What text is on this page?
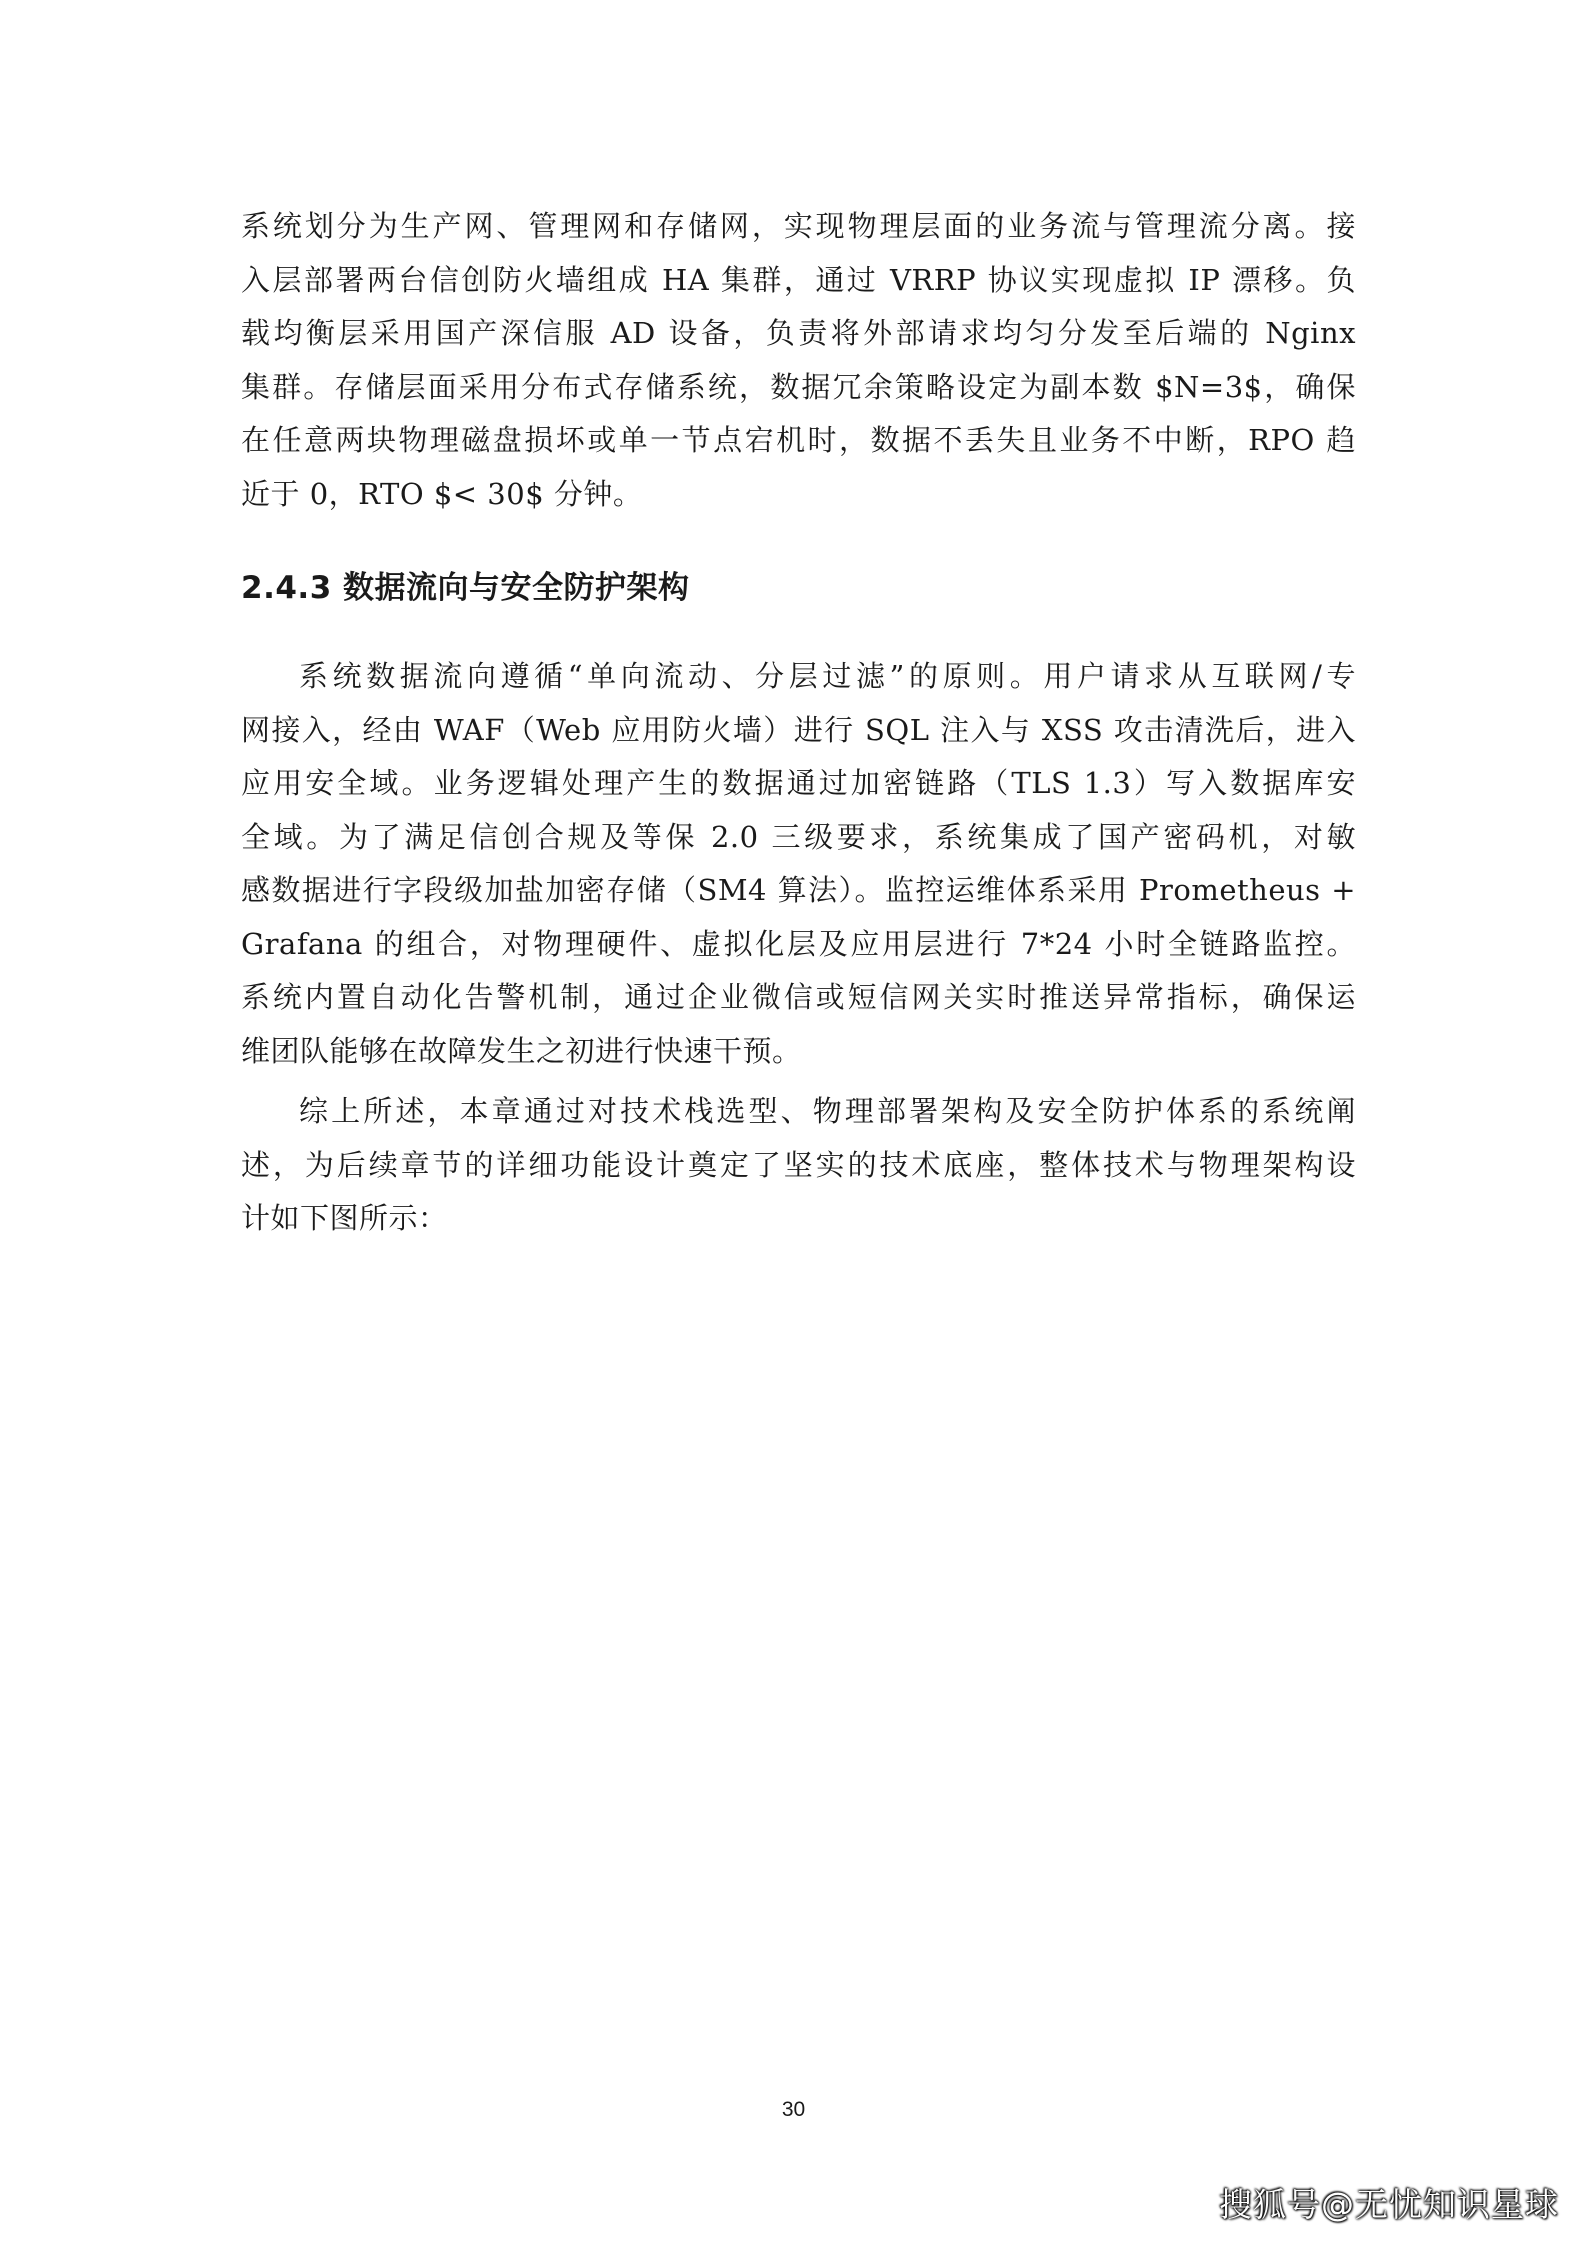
系统划分为生产网、管理网和存储网，实现物理层面的业务流与管理流分离。接
入层部署两台信创防火墙组成 HA 集群，通过 VRRP 协议实现虚拟 IP 漂移。负
载均衡层采用国产深信服 AD 设备，负责将外部请求均匀分发至后端的 Nginx
集群。存储层面采用分布式存储系统，数据冗余策略设定为副本数 $N=3$，确保
在任意两块物理磁盘损坏或单一节点宕机时，数据不丢失且业务不中断，RPO 趋
近于 0，RTO $< 30$ 分钟。
2.4.3 数据流向与安全防护架构
系统数据流向遵循“单向流动、分层过滤”的原则。用户请求从互联网/专
网接入，经由 WAF（Web 应用防火墙）进行 SQL 注入与 XSS 攻击清洗后，进入
应用安全域。业务逻辑处理产生的数据通过加密链路（TLS 1.3）写入数据库安
全域。为了满足信创合规及等保 2.0 三级要求，系统集成了国产密码机，对敏
感数据进行字段级加盐加密存储（SM4 算法）。监控运维体系采用 Prometheus +
Grafana 的组合，对物理硬件、虚拟化层及应用层进行 7*24 小时全链路监控。
系统内置自动化告警机制，通过企业微信或短信网关实时推送异常指标，确保运
维团队能够在故障发生之初进行快速干预。
综上所述，本章通过对技术栈选型、物理部署架构及安全防护体系的系统阐
述，为后续章节的详细功能设计奠定了坚实的技术底座，整体技术与物理架构设
计如下图所示：
30
搜狐号@无忧知识星球
